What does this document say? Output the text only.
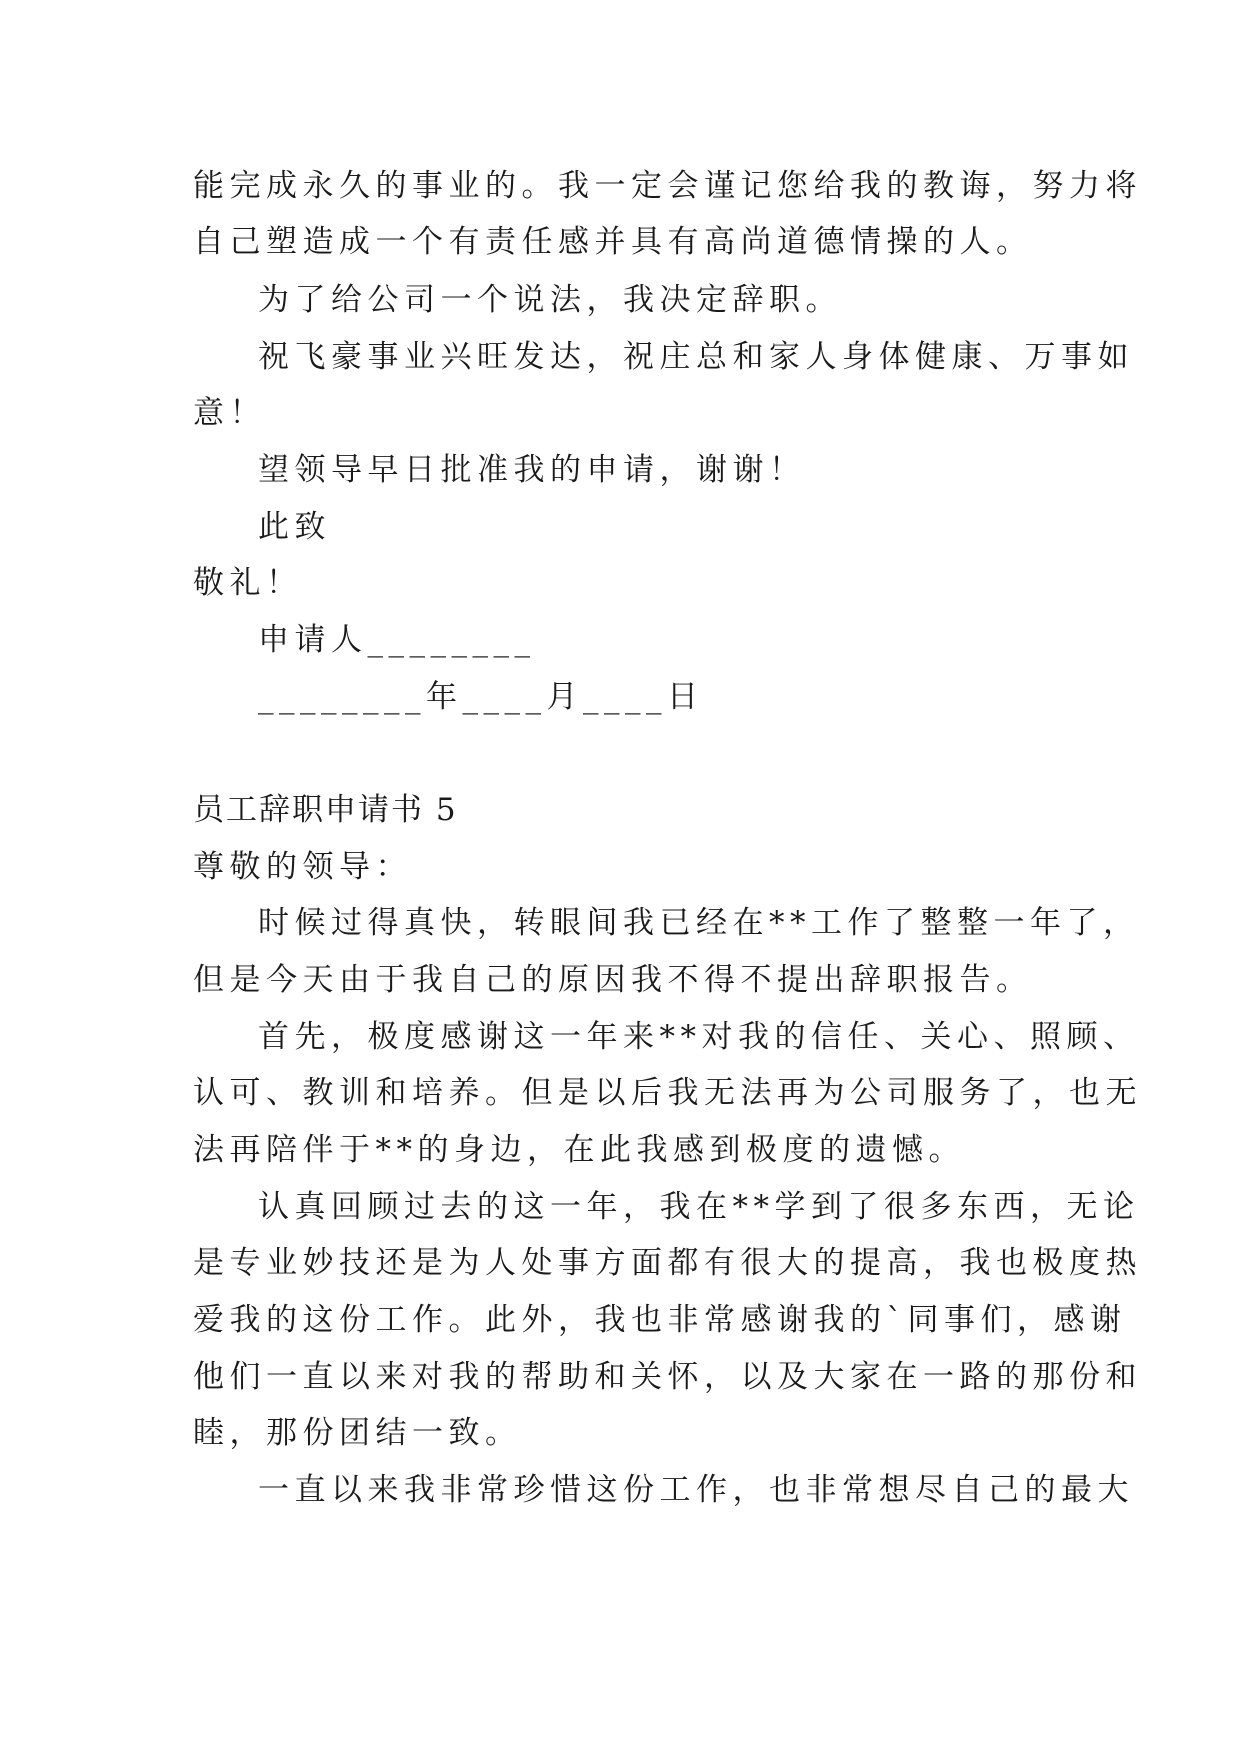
能完成永久的事业的。我一定会谨记您给我的教诲，努力将
自己塑造成一个有责任感并具有高尚道德情操的人。
为了给公司一个说法，我决定辞职。
祝飞豪事业兴旺发达，祝庄总和家人身体健康、万事如
意！
望领导早日批准我的申请，谢谢！
此致
敬礼！
申请人________
________年____月____日
员工辞职申请书 5
尊敬的领导：
时候过得真快，转眼间我已经在**工作了整整一年了，
但是今天由于我自己的原因我不得不提出辞职报告。
首先，极度感谢这一年来**对我的信任、关心、照顾、
认可、教训和培养。但是以后我无法再为公司服务了，也无
法再陪伴于**的身边，在此我感到极度的遗憾。
认真回顾过去的这一年，我在**学到了很多东西，无论
是专业妙技还是为人处事方面都有很大的提高，我也极度热
爱我的这份工作。此外，我也非常感谢我的`同事们，感谢
他们一直以来对我的帮助和关怀，以及大家在一路的那份和
睦，那份团结一致。
一直以来我非常珍惜这份工作，也非常想尽自己的最大
